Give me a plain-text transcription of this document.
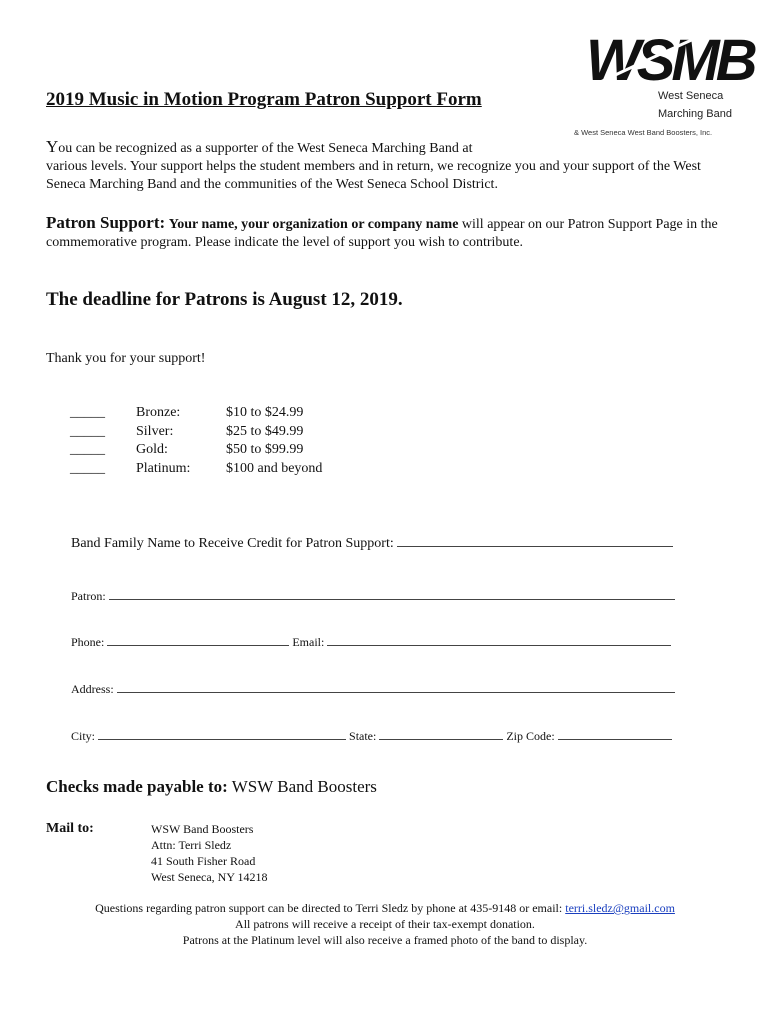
2019 Music in Motion Program Patron Support Form
WSMB
West Seneca
Marching Band
& West Seneca West Band Boosters, Inc.
You can be recognized as a supporter of the West Seneca Marching Band at
various levels. Your support helps the student members and in return, we recognize you and your support of the West Seneca Marching Band and the communities of the West Seneca School District.
Patron Support: Your name, your organization or company name will appear on our Patron Support Page in the commemorative program. Please indicate the level of support you wish to contribute.
The deadline for Patrons is August 12, 2019.
Thank you for your support!
_____	Bronze:	$10 to $24.99
_____	Silver:	$25 to $49.99
_____	Gold:	$50 to $99.99
_____	Platinum:	$100 and beyond
Band Family Name to Receive Credit for Patron Support:
Patron:
Phone:	Email:
Address:
City:	State:	Zip Code:
Checks made payable to: WSW Band Boosters
Mail to:	WSW Band Boosters
Attn: Terri Sledz
41 South Fisher Road
West Seneca, NY 14218
Questions regarding patron support can be directed to Terri Sledz by phone at 435-9148 or email: terri.sledz@gmail.com
All patrons will receive a receipt of their tax-exempt donation.
Patrons at the Platinum level will also receive a framed photo of the band to display.
